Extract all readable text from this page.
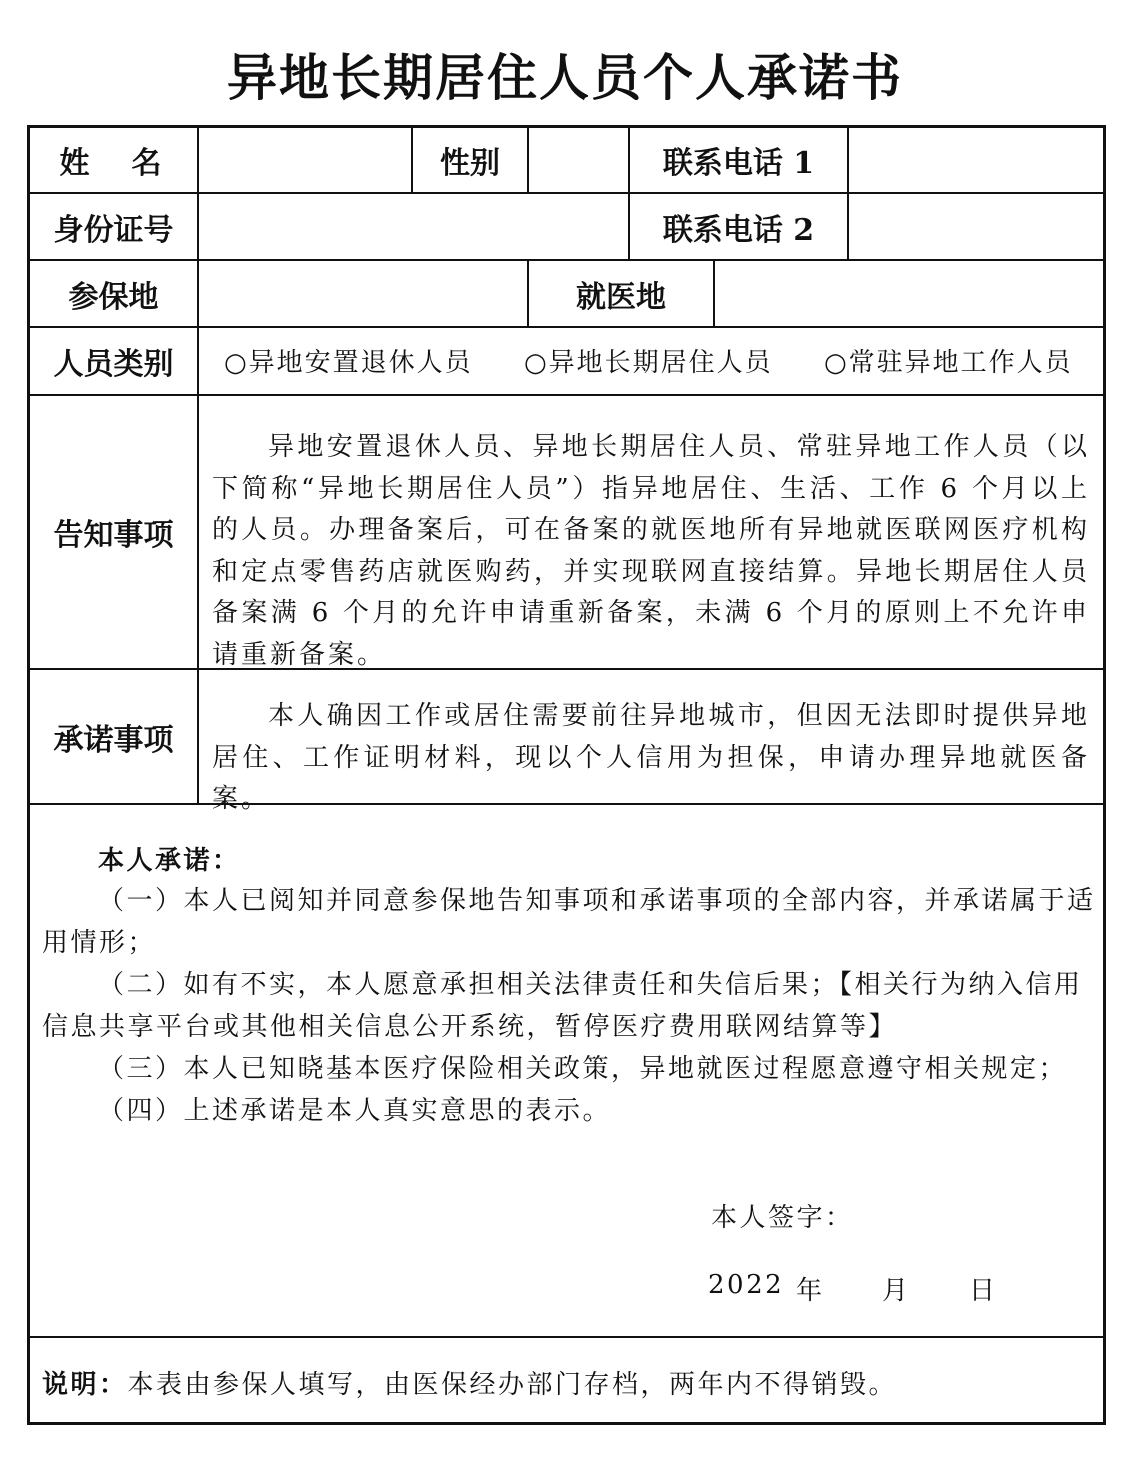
异地长期居住人员个人承诺书
姓　名	性别	联系电话 1
身份证号	联系电话 2
参保地	就医地
人员类别	○异地安置退休人员 ○异地长期居住人员 ○常驻异地工作人员
告知事项

异地安置退休人员、异地长期居住人员、常驻异地工作人员（以下简称“异地长期居住人员”）指异地居住、生活、工作 6 个月以上的人员。办理备案后，可在备案的就医地所有异地就医联网医疗机构和定点零售药店就医购药，并实现联网直接结算。异地长期居住人员备案满 6 个月的允许申请重新备案，未满 6 个月的原则上不允许申请重新备案。

承诺事项

本人确因工作或居住需要前往异地城市，但因无法即时提供异地居住、工作证明材料，现以个人信用为担保，申请办理异地就医备案。

本人承诺：
（一）本人已阅知并同意参保地告知事项和承诺事项的全部内容，并承诺属于适
用情形；
（二）如有不实，本人愿意承担相关法律责任和失信后果；【相关行为纳入信用
信息共享平台或其他相关信息公开系统，暂停医疗费用联网结算等】
（三）本人已知晓基本医疗保险相关政策，异地就医过程愿意遵守相关规定；
（四）上述承诺是本人真实意思的表示。
本人签字：
2022 年 月 日
说明：本表由参保人填写，由医保经办部门存档，两年内不得销毁。
